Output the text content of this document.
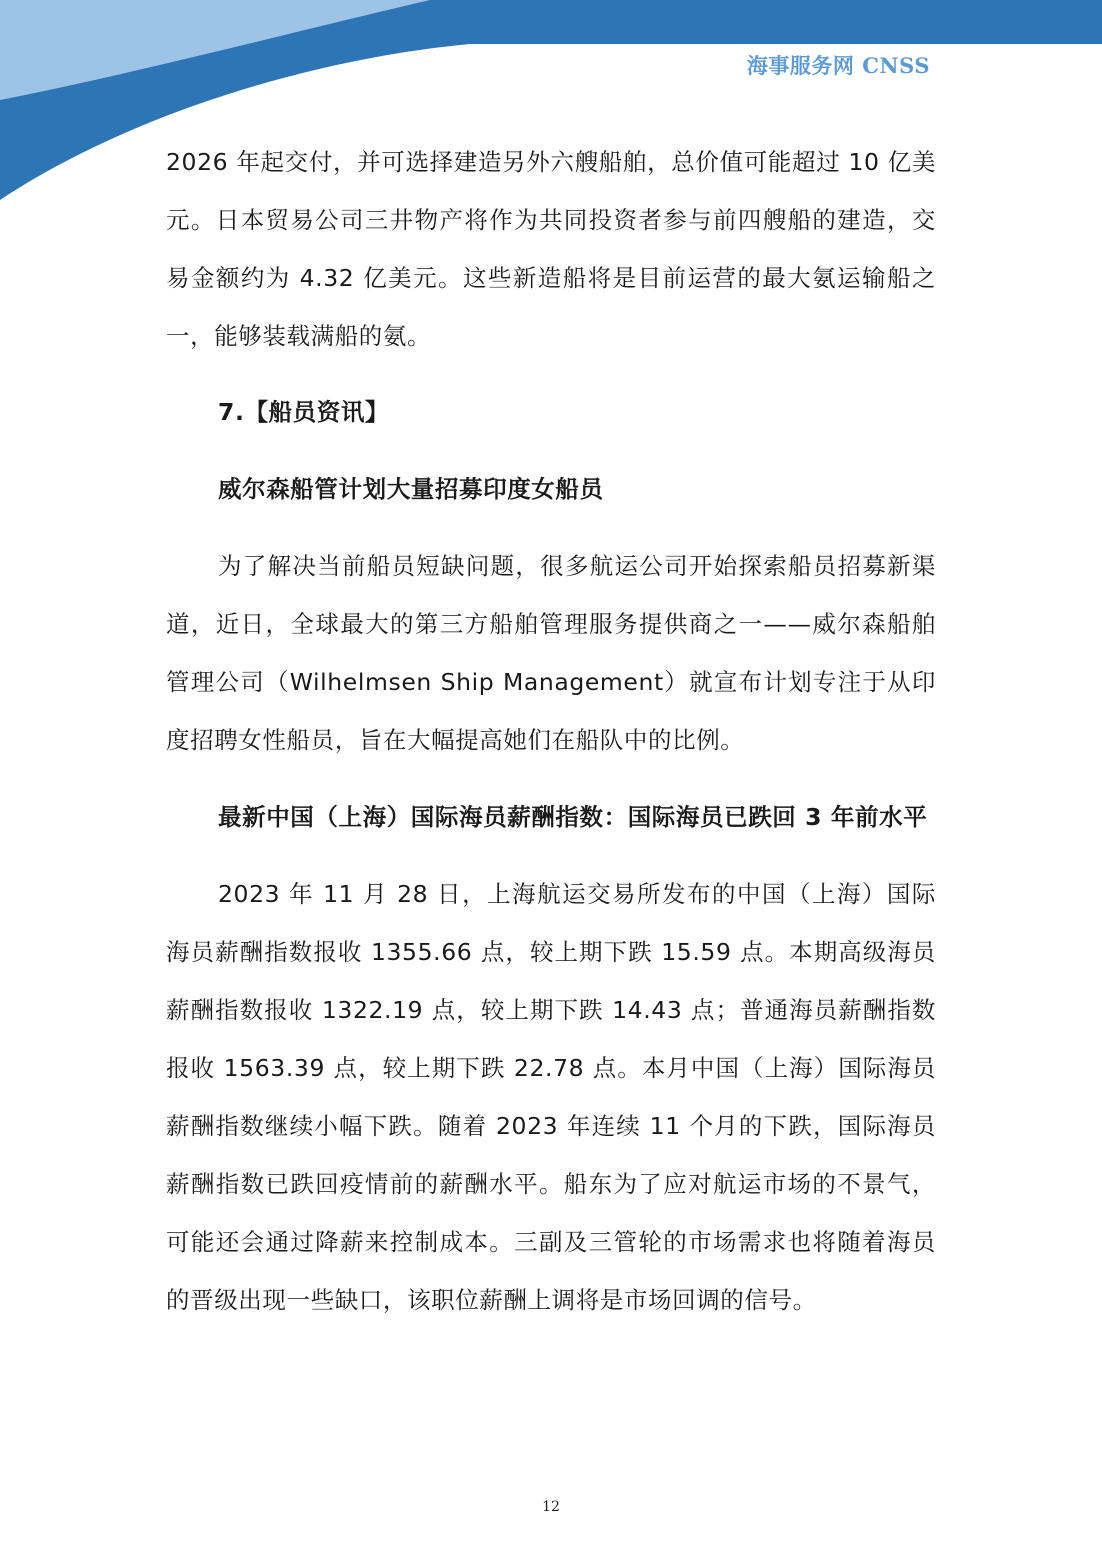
海事服务网 CNSS

2026 年起交付，并可选择建造另外六艘船舶，总价值可能超过 10 亿美元。日本贸易公司三井物产将作为共同投资者参与前四艘船的建造，交易金额约为 4.32 亿美元。这些新造船将是目前运营的最大氨运输船之一，能够装载满船的氨。

7.【船员资讯】
威尔森船管计划大量招募印度女船员

为了解决当前船员短缺问题，很多航运公司开始探索船员招募新渠道，近日，全球最大的第三方船舶管理服务提供商之一——威尔森船舶管理公司（Wilhelmsen Ship Management）就宣布计划专注于从印度招聘女性船员，旨在大幅提高她们在船队中的比例。

最新中国（上海）国际海员薪酬指数：国际海员已跌回 3 年前水平

2023 年 11 月 28 日，上海航运交易所发布的中国（上海）国际海员薪酬指数报收 1355.66 点，较上期下跌 15.59 点。本期高级海员薪酬指数报收 1322.19 点，较上期下跌 14.43 点；普通海员薪酬指数报收 1563.39 点，较上期下跌 22.78 点。本月中国（上海）国际海员薪酬指数继续小幅下跌。随着 2023 年连续 11 个月的下跌，国际海员薪酬指数已跌回疫情前的薪酬水平。船东为了应对航运市场的不景气，可能还会通过降薪来控制成本。三副及三管轮的市场需求也将随着海员的晋级出现一些缺口，该职位薪酬上调将是市场回调的信号。

12
